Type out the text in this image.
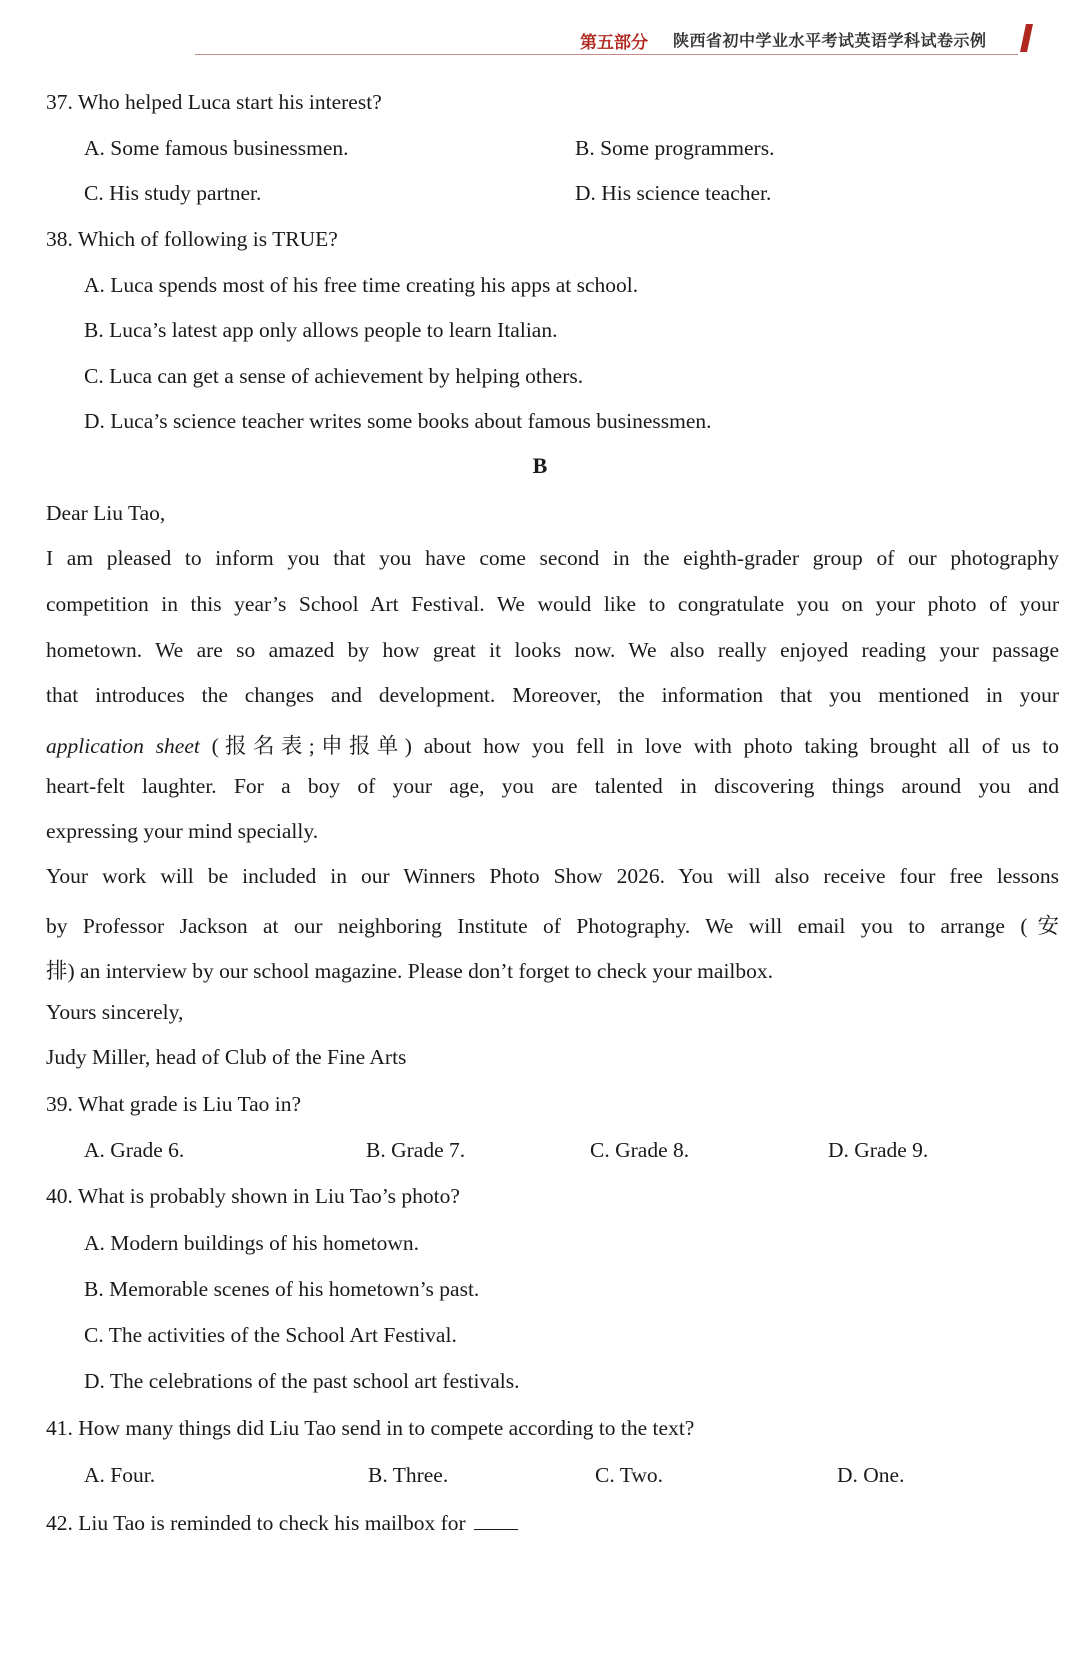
第五部分 陕西省初中学业水平考试英语学科试卷示例
37. Who helped Luca start his interest?
A. Some famous businessmen.	B. Some programmers.
C. His study partner.	D. His science teacher.
38. Which of following is TRUE?
A. Luca spends most of his free time creating his apps at school.
B. Luca’s latest app only allows people to learn Italian.
C. Luca can get a sense of achievement by helping others.
D. Luca’s science teacher writes some books about famous businessmen.
B
Dear Liu Tao,
I am pleased to inform you that you have come second in the eighth-grader group of our photography
competition in this year’s School Art Festival. We would like to congratulate you on your photo of your
hometown. We are so amazed by how great it looks now. We also really enjoyed reading your passage
that introduces the changes and development. Moreover, the information that you mentioned in your
application sheet (报名表;申报单) about how you fell in love with photo taking brought all of us to
heart-felt laughter. For a boy of your age, you are talented in discovering things around you and
expressing your mind specially.
Your work will be included in our Winners Photo Show 2026. You will also receive four free lessons
by Professor Jackson at our neighboring Institute of Photography. We will email you to arrange (安
排) an interview by our school magazine. Please don’t forget to check your mailbox.
Yours sincerely,
Judy Miller, head of Club of the Fine Arts
39. What grade is Liu Tao in?
A. Grade 6.	B. Grade 7.	C. Grade 8.	D. Grade 9.
40. What is probably shown in Liu Tao’s photo?
A. Modern buildings of his hometown.
B. Memorable scenes of his hometown’s past.
C. The activities of the School Art Festival.
D. The celebrations of the past school art festivals.
41. How many things did Liu Tao send in to compete according to the text?
A. Four.	B. Three.	C. Two.	D. One.
42. Liu Tao is reminded to check his mailbox for
